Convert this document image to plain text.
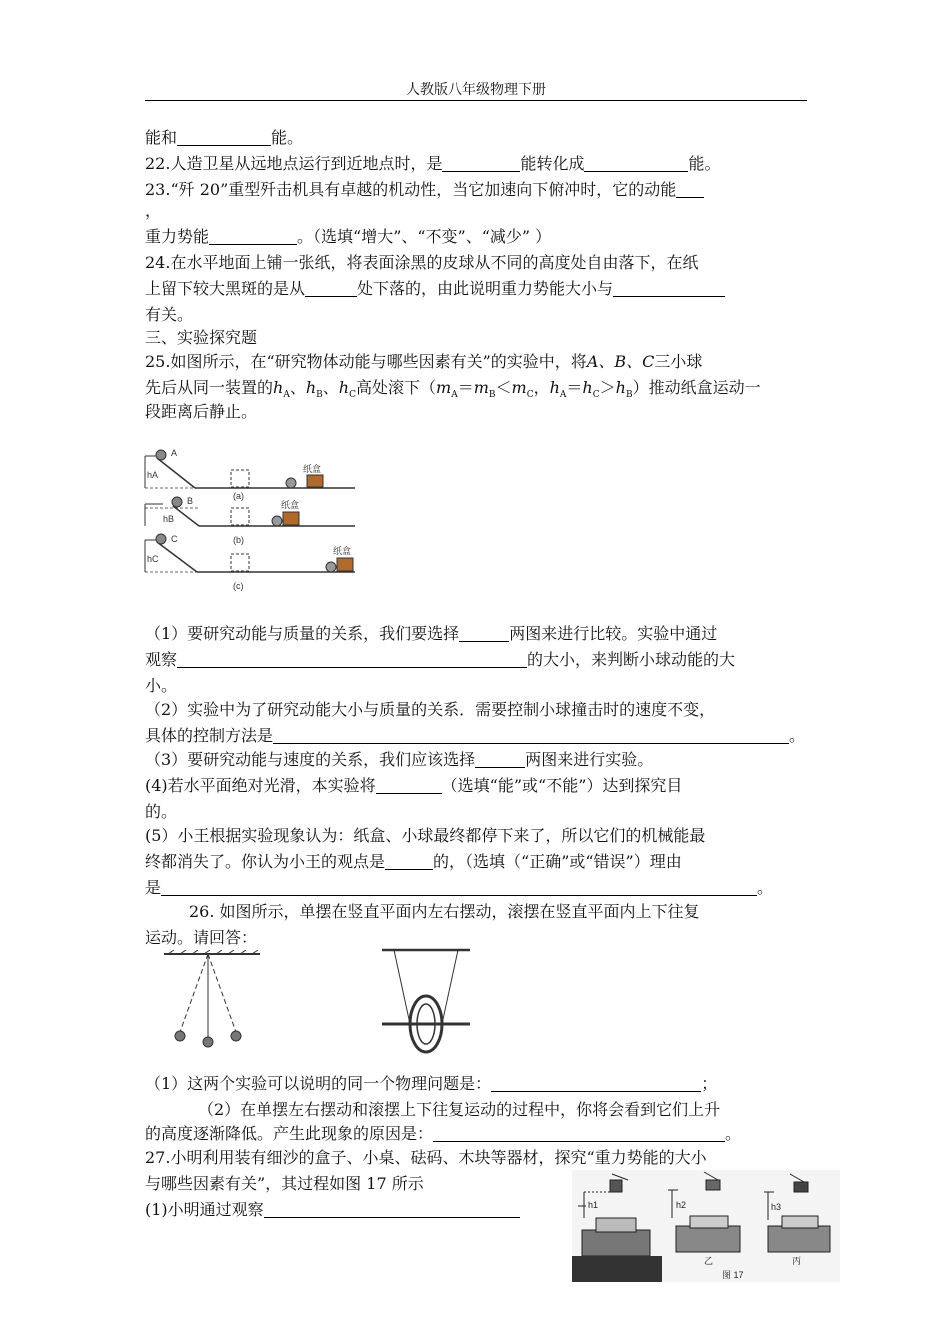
人教版八年级物理下册
能和	能。
22.人造卫星从远地点运行到近地点时，是	能转化成	能。
23.“歼 20”重型歼击机具有卓越的机动性，当它加速向下俯冲时，它的动能
，
重力势能	。（选填“增大”、“不变”、“减少” ）
24.在水平地面上铺一张纸，将表面涂黑的皮球从不同的高度处自由落下，在纸
上留下较大黑斑的是从	处下落的，由此说明重力势能大小与
有关。
三、实验探究题
25.如图所示，在“研究物体动能与哪些因素有关”的实验中，将A、B、C三小球
先后从同一装置的$h_A$、$h_B$、$h_C$高处滚下（$m_A=m_B<m_C$，$h_A=h_C>h_B$）推动纸盒运动一
段距离后静止。
A
hA
(a)
纸盒
B
hB
(b)
纸盒
C
hC
(c)
纸盒
（1）要研究动能与质量的关系，我们要选择	两图来进行比较。实验中通过
观察	的大小，来判断小球动能的大
小。
（2）实验中为了研究动能大小与质量的关系．需要控制小球撞击时的速度不变，
具体的控制方法是	。
（3）要研究动能与速度的关系，我们应该选择	两图来进行实验。
(4)若水平面绝对光滑，本实验将	（选填“能”或“不能”）达到探究目
的。
(5）小王根据实验现象认为：纸盒、小球最终都停下来了，所以它们的机械能最
终都消失了。你认为小王的观点是	的，（选填（“正确”或“错误”）理由
是	。
26. 如图所示，单摆在竖直平面内左右摆动，滚摆在竖直平面内上下往复
运动。请回答：
（1）这两个实验可以说明的同一个物理问题是：	；
（2）在单摆左右摆动和滚摆上下往复运动的过程中，你将会看到它们上升
的高度逐渐降低。产生此现象的原因是：	。
27.小明利用装有细沙的盒子、小桌、砝码、木块等器材，探究“重力势能的大小
与哪些因素有关”，其过程如图 17 所示
(1)小明通过观察	h1	h2
乙
h3
丙
图 17
